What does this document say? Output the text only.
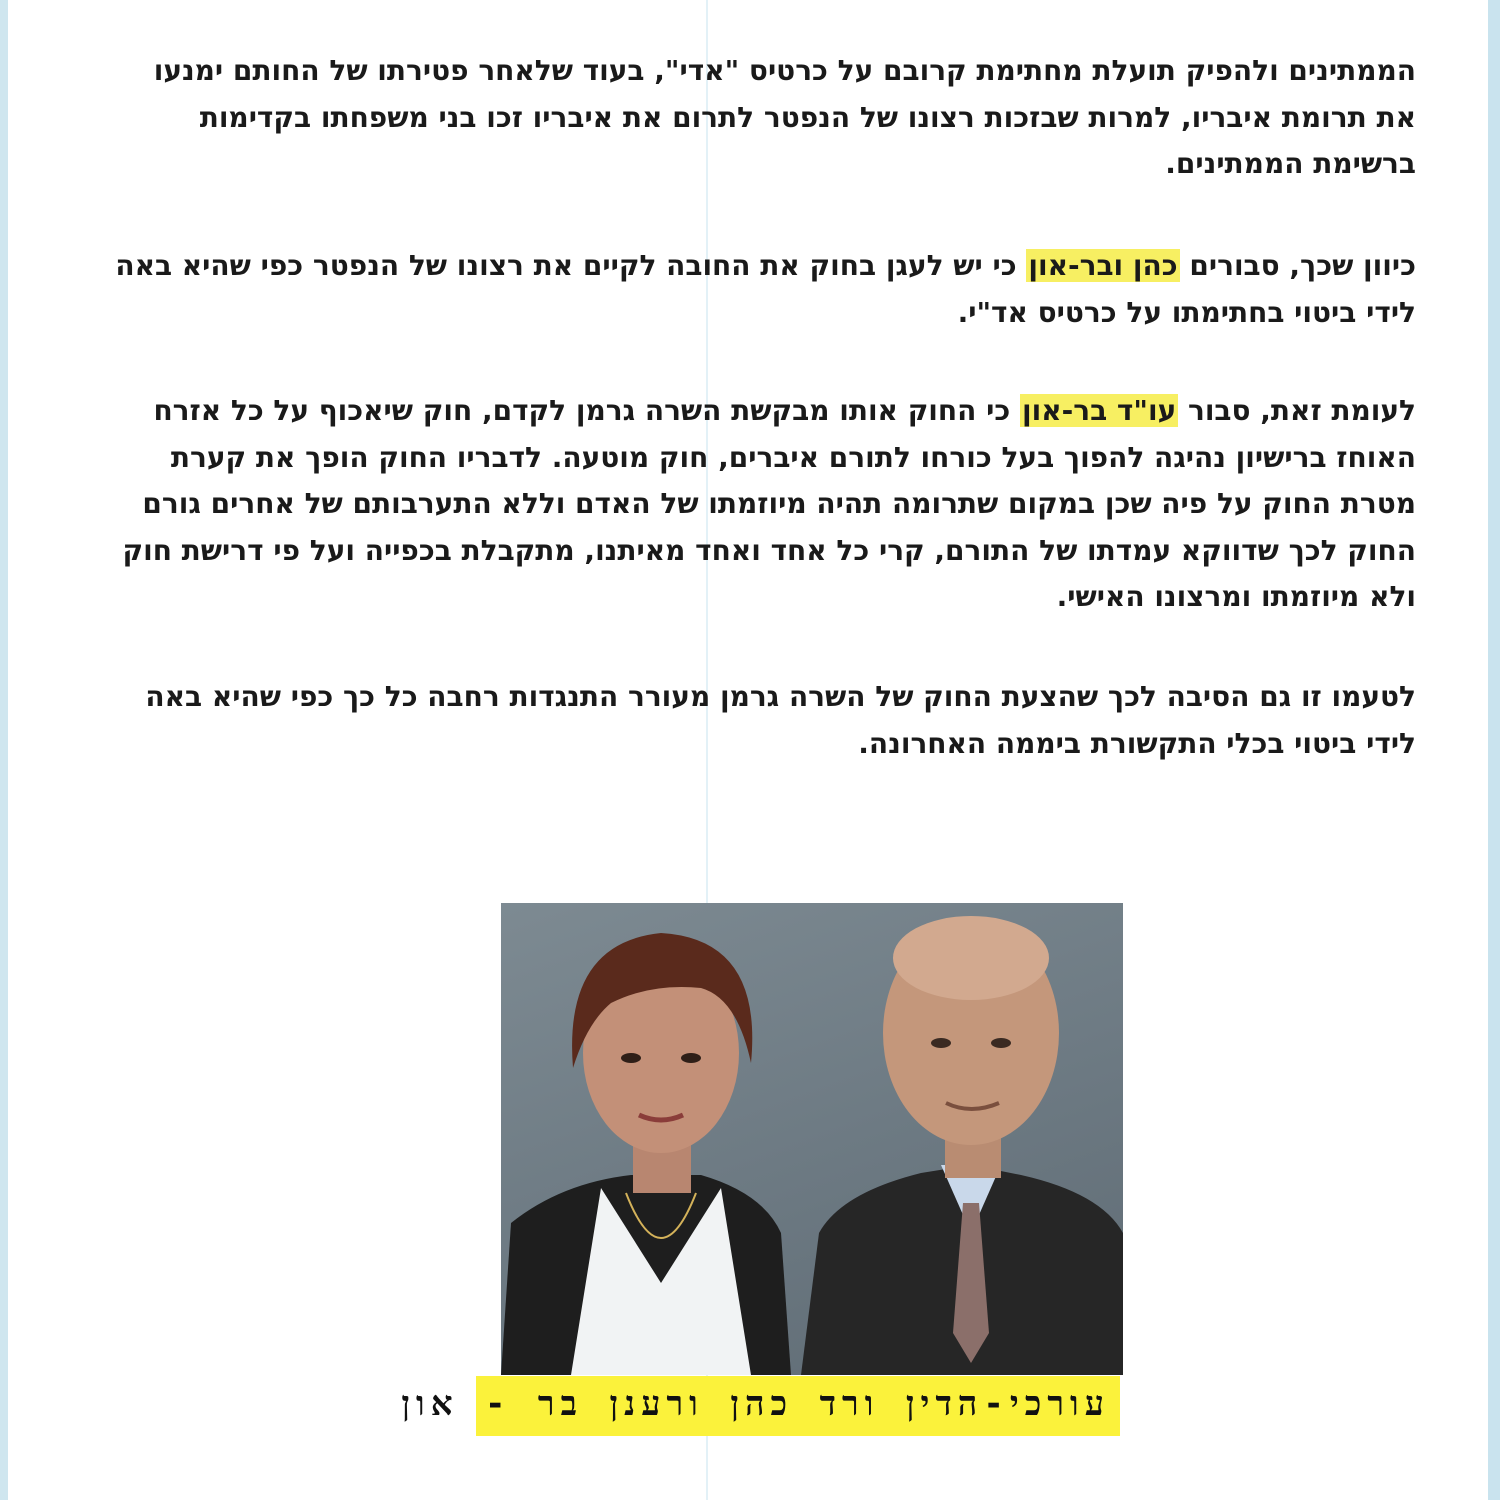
הממתינים ולהפיק תועלת מחתימת קרובם על כרטיס "אדי", בעוד שלאחר פטירתו של החותם ימנעו את תרומת איבריו, למרות שבזכות רצונו של הנפטר לתרום את איבריו זכו בני משפחתו בקדימות ברשימת הממתינים.
כיוון שכך, סבורים כהן ובר-און כי יש לעגן בחוק את החובה לקיים את רצונו של הנפטר כפי שהיא באה לידי ביטוי בחתימתו על כרטיס אד"י.
לעומת זאת, סבור עו"ד בר-און כי החוק אותו מבקשת השרה גרמן לקדם, חוק שיאכוף על כל אזרח האוחז ברישיון נהיגה להפוך בעל כורחו לתורם איברים, חוק מוטעה. לדבריו החוק הופך את קערת מטרת החוק על פיה שכן במקום שתרומה תהיה מיוזמתו של האדם וללא התערבותם של אחרים גורם החוק לכך שדווקא עמדתו של התורם, קרי כל אחד ואחד מאיתנו, מתקבלת בכפייה ועל פי דרישת חוק ולא מיוזמתו ומרצונו האישי.
לטעמו זו גם הסיבה לכך שהצעת החוק של השרה גרמן מעורר התנגדות רחבה כל כך כפי שהיא באה לידי ביטוי בכלי התקשורת ביממה האחרונה.
עורכי-הדין ורד כהן ורענן בר - און
